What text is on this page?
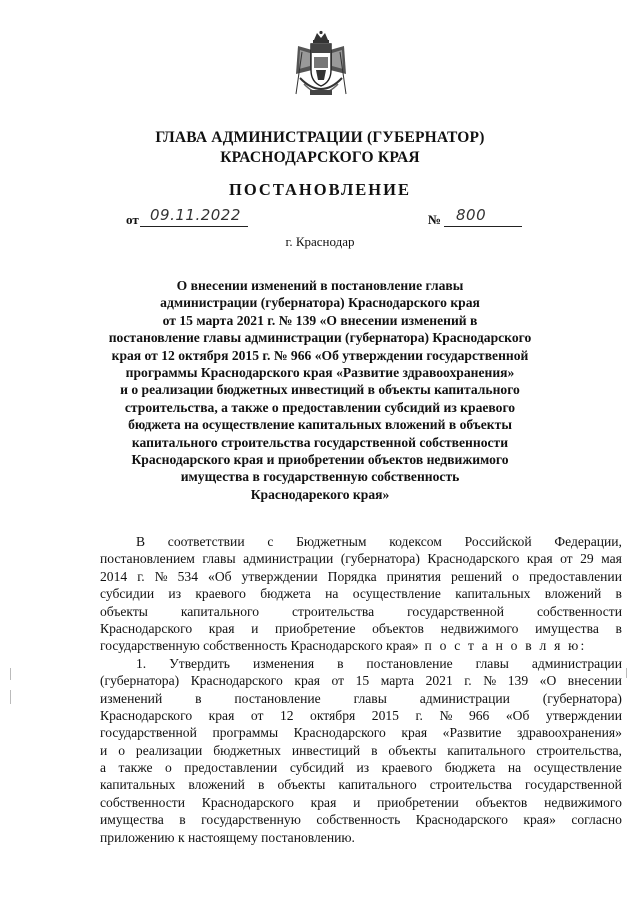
ГЛАВА АДМИНИСТРАЦИИ (ГУБЕРНАТОР)
КРАСНОДАРСКОГО КРАЯ
ПОСТАНОВЛЕНИЕ
от 09.11.2022	№ 800
г. Краснодар
О внесении изменений в постановление главы
администрации (губернатора) Краснодарского края
от 15 марта 2021 г. № 139 «О внесении изменений в
постановление главы администрации (губернатора) Краснодарского
края от 12 октября 2015 г. № 966 «Об утверждении государственной
программы Краснодарского края «Развитие здравоохранения»
и о реализации бюджетных инвестиций в объекты капитального
строительства, а также о предоставлении субсидий из краевого
бюджета на осуществление капитальных вложений в объекты
капитального строительства государственной собственности
Краснодарского края и приобретении объектов недвижимого
имущества в государственную собственность
Краснодарекого края»
В соответствии с Бюджетным кодексом Российской Федерации,
постановлением главы администрации (губернатора) Краснодарского края от 29 мая
2014 г. № 534 «Об утверждении Порядка принятия решений о предоставлении
субсидии из краевого бюджета на осуществление капитальных вложений в
объекты капитального строительства государственной собственности
Краснодарского края и приобретение объектов недвижимого имущества в
государственную собственность Краснодарского края» п о с т а н о в л я ю:
1. Утвердить изменения в постановление главы администрации
(губернатора) Краснодарского края от 15 марта 2021 г. № 139 «О внесении
изменений в постановление главы администрации (губернатора)
Краснодарского края от 12 октября 2015 г. № 966 «Об утверждении
государственной программы Краснодарского края «Развитие здравоохранения»
и о реализации бюджетных инвестиций в объекты капитального строительства,
а также о предоставлении субсидий из краевого бюджета на осуществление
капитальных вложений в объекты капитального строительства государственной
собственности Краснодарского края и приобретении объектов недвижимого
имущества в государственную собственность Краснодарского края» согласно
приложению к настоящему постановлению.
